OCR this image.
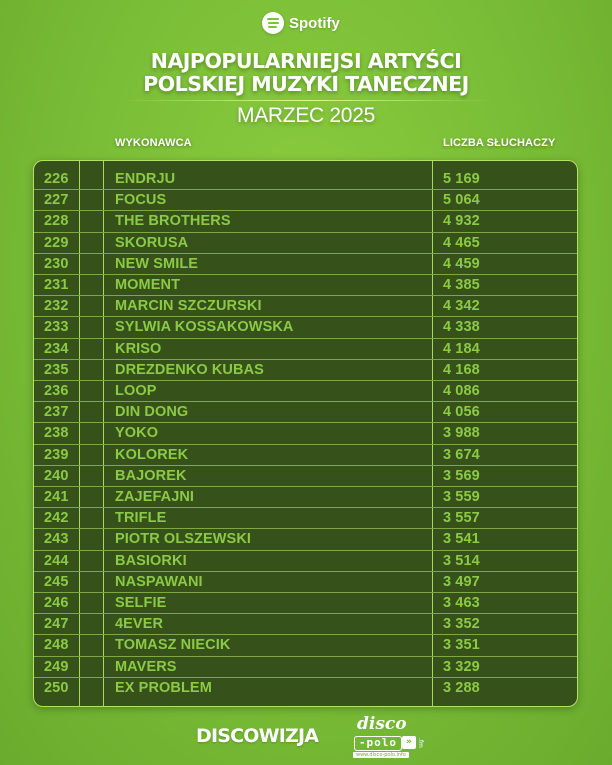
Spotify
NAJPOPULARNIEJSI ARTYŚCI
POLSKIEJ MUZYKI TANECZNEJ
MARZEC 2025
WYKONAWCA	LICZBA SŁUCHACZY
226	ENDRJU	5 169
227	FOCUS	5 064
228	THE BROTHERS	4 932
229	SKORUSA	4 465
230	NEW SMILE	4 459
231	MOMENT	4 385
232	MARCIN SZCZURSKI	4 342
233	SYLWIA KOSSAKOWSKA	4 338
234	KRISO	4 184
235	DREZDENKO KUBAS	4 168
236	LOOP	4 086
237	DIN DONG	4 056
238	YOKO	3 988
239	KOLOREK	3 674
240	BAJOREK	3 569
241	ZAJEFAJNI	3 559
242	TRIFLE	3 557
243	PIOTR OLSZEWSKI	3 541
244	BASIORKI	3 514
245	NASPAWANI	3 497
246	SELFIE	3 463
247	4EVER	3 352
248	TOMASZ NIECIK	3 351
249	MAVERS	3 329
250	EX PROBLEM	3 288
DISCOWIZJA
disco
-polo	» .fm
www.disco-polo.info
